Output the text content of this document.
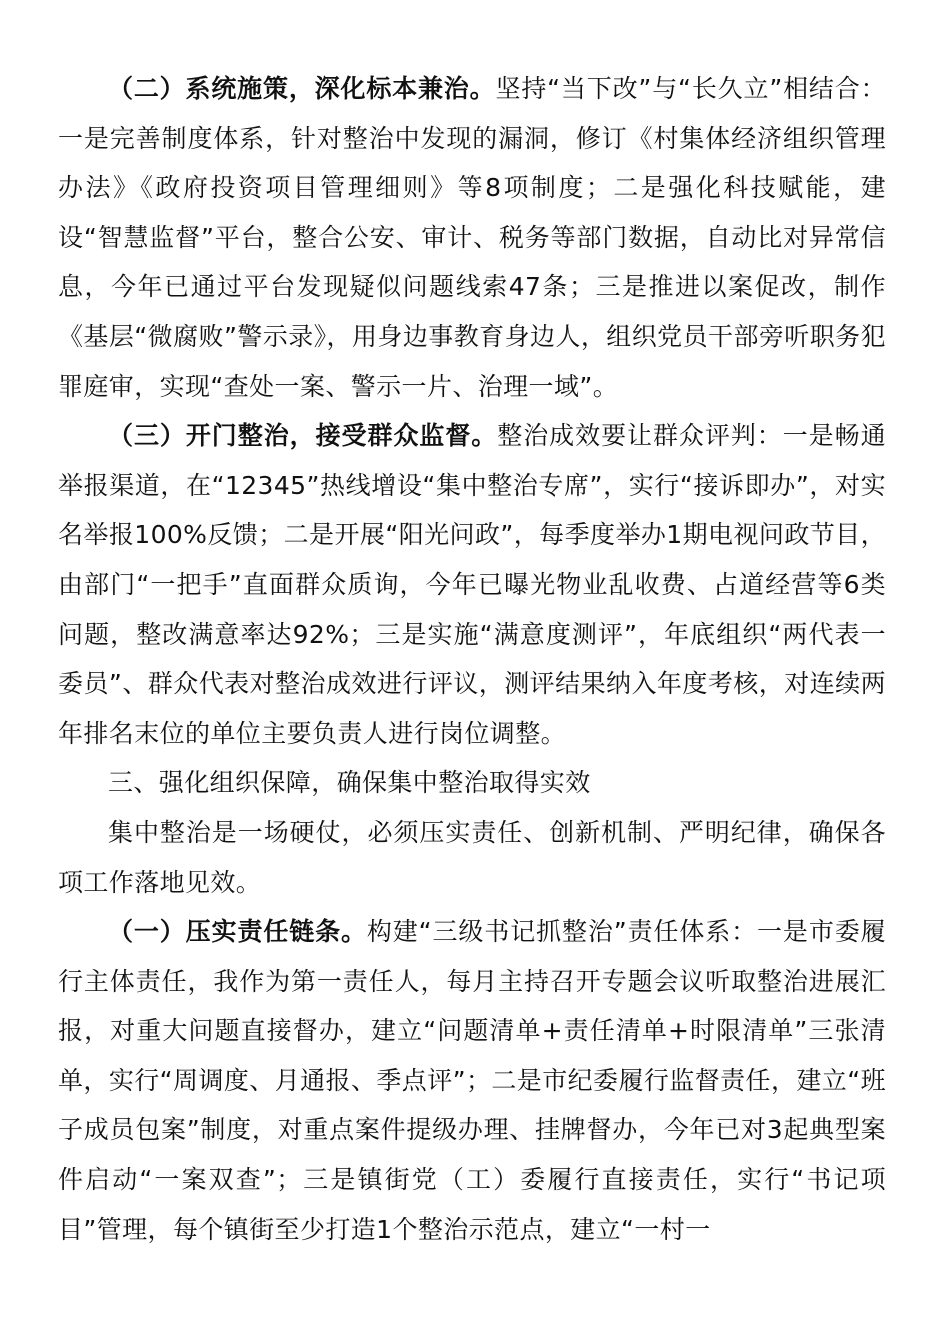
（二）系统施策，深化标本兼治。坚持“当下改”与“长久立”相结合：一是完善制度体系，针对整治中发现的漏洞，修订《村集体经济组织管理办法》《政府投资项目管理细则》等8项制度；二是强化科技赋能，建设“智慧监督”平台，整合公安、审计、税务等部门数据，自动比对异常信息，今年已通过平台发现疑似问题线索47条；三是推进以案促改，制作《基层“微腐败”警示录》，用身边事教育身边人，组织党员干部旁听职务犯罪庭审，实现“查处一案、警示一片、治理一域”。

（三）开门整治，接受群众监督。整治成效要让群众评判：一是畅通举报渠道，在“12345”热线增设“集中整治专席”，实行“接诉即办”，对实名举报100%反馈；二是开展“阳光问政”，每季度举办1期电视问政节目，由部门“一把手”直面群众质询，今年已曝光物业乱收费、占道经营等6类问题，整改满意率达92%；三是实施“满意度测评”，年底组织“两代表一委员”、群众代表对整治成效进行评议，测评结果纳入年度考核，对连续两年排名末位的单位主要负责人进行岗位调整。

三、强化组织保障，确保集中整治取得实效

集中整治是一场硬仗，必须压实责任、创新机制、严明纪律，确保各项工作落地见效。

（一）压实责任链条。构建“三级书记抓整治”责任体系：一是市委履行主体责任，我作为第一责任人，每月主持召开专题会议听取整治进展汇报，对重大问题直接督办，建立“问题清单+责任清单+时限清单”三张清单，实行“周调度、月通报、季点评”；二是市纪委履行监督责任，建立“班子成员包案”制度，对重点案件提级办理、挂牌督办，今年已对3起典型案件启动“一案双查”；三是镇街党（工）委履行直接责任，实行“书记项目”管理，每个镇街至少打造1个整治示范点，建立“一村一
